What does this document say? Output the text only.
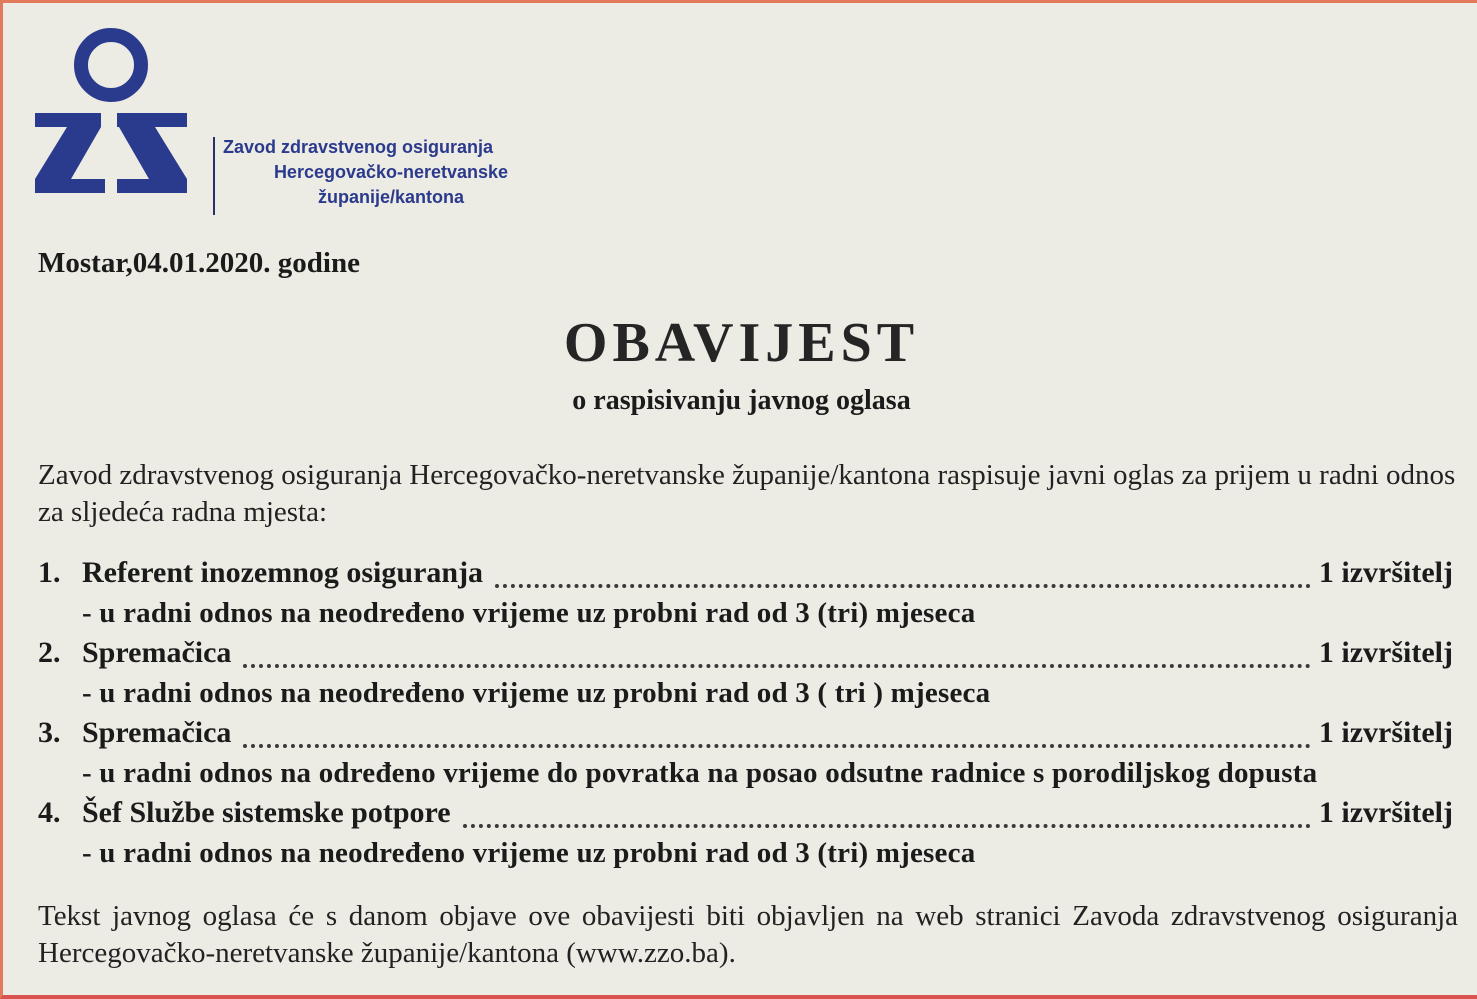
Zavod zdravstvenog osiguranja
Hercegovačko-neretvanske
županije/kantona
Mostar,04.01.2020. godine
OBAVIJEST
o raspisivanju javnog oglasa
Zavod zdravstvenog osiguranja Hercegovačko-neretvanske županije/kantona raspisuje javni oglas za prijem u radni odnos za sljedeća radna mjesta:
1. Referent inozemnog osiguranja	1 izvršitelj
- u radni odnos na neodređeno vrijeme uz probni rad od 3 (tri) mjeseca
2. Spremačica	1 izvršitelj
- u radni odnos na neodređeno vrijeme uz probni rad od 3 ( tri ) mjeseca
3. Spremačica	1 izvršitelj
- u radni odnos na određeno vrijeme do povratka na posao odsutne radnice s porodiljskog dopusta
4. Šef Službe sistemske potpore	1 izvršitelj
- u radni odnos na neodređeno vrijeme uz probni rad od 3 (tri) mjeseca
Tekst javnog oglasa će s danom objave ove obavijesti biti objavljen na web stranici Zavoda zdravstvenog osiguranja Hercegovačko-neretvanske županije/kantona (www.zzo.ba).
